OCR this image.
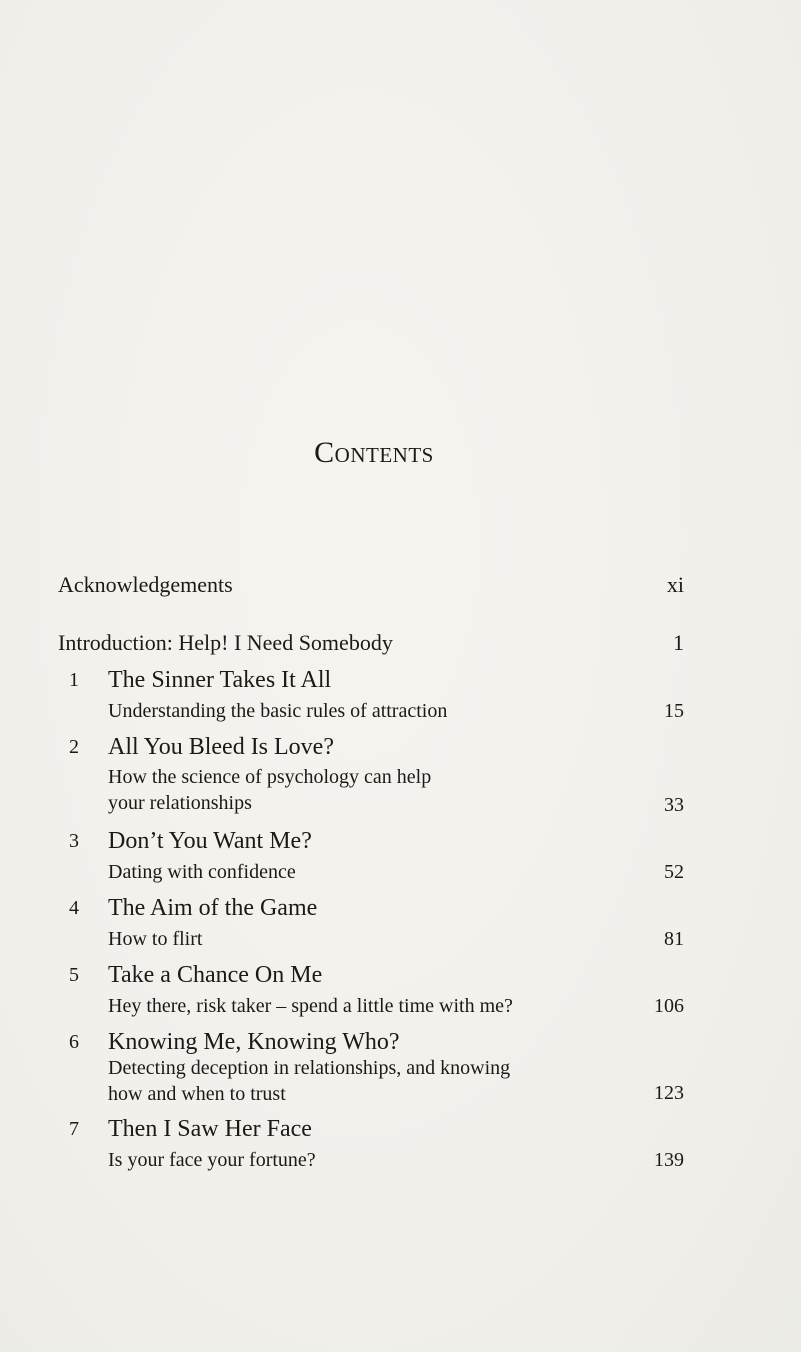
Contents
Acknowledgements	xi
Introduction: Help! I Need Somebody	1
1 The Sinner Takes It All
Understanding the basic rules of attraction	15
2 All You Bleed Is Love?
How the science of psychology can help
your relationships	33
3 Don’t You Want Me?
Dating with confidence	52
4 The Aim of the Game
How to flirt	81
5 Take a Chance On Me
Hey there, risk taker – spend a little time with me?	106
6 Knowing Me, Knowing Who?
Detecting deception in relationships, and knowing
how and when to trust	123
7 Then I Saw Her Face
Is your face your fortune?	139
